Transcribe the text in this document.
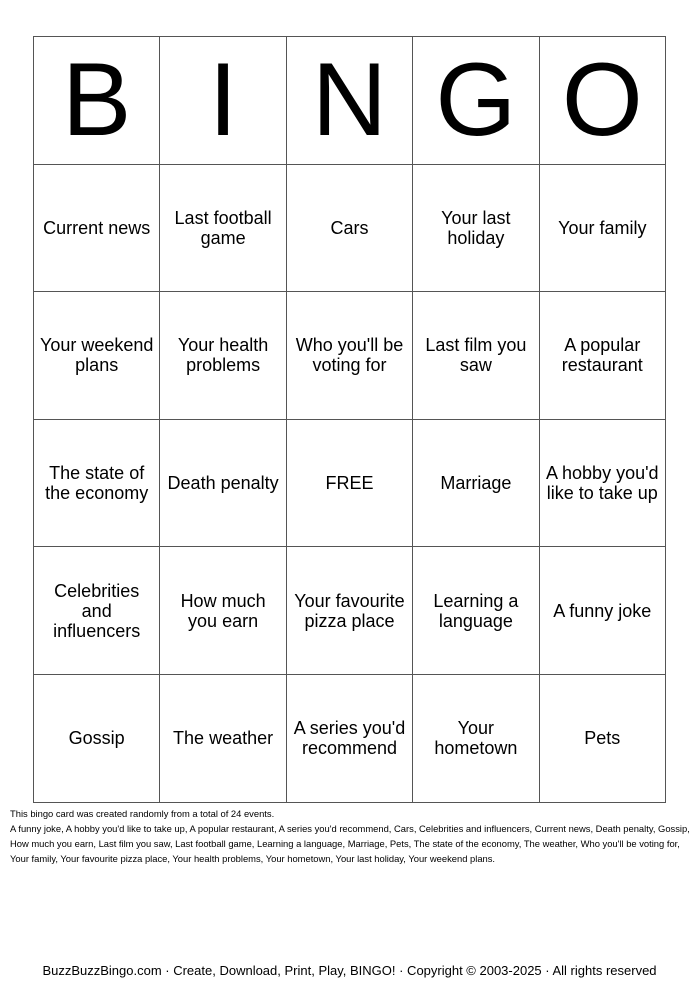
B	I	N	G	O
Current news	Last football game	Cars	Your last holiday	Your family
Your weekend plans	Your health problems	Who you'll be voting for	Last film you saw	A popular restaurant
The state of the economy	Death penalty	FREE	Marriage	A hobby you'd like to take up
Celebrities and influencers	How much you earn	Your favourite pizza place	Learning a language	A funny joke
Gossip	The weather	A series you'd recommend	Your hometown	Pets
This bingo card was created randomly from a total of 24 events.
A funny joke, A hobby you'd like to take up, A popular restaurant, A series you'd recommend, Cars, Celebrities and influencers, Current news, Death penalty, Gossip, How much you earn, Last film you saw, Last football game, Learning a language, Marriage, Pets, The state of the economy, The weather, Who you'll be voting for, Your family, Your favourite pizza place, Your health problems, Your hometown, Your last holiday, Your weekend plans.
BuzzBuzzBingo.com · Create, Download, Print, Play, BINGO! · Copyright © 2003-2025 · All rights reserved
